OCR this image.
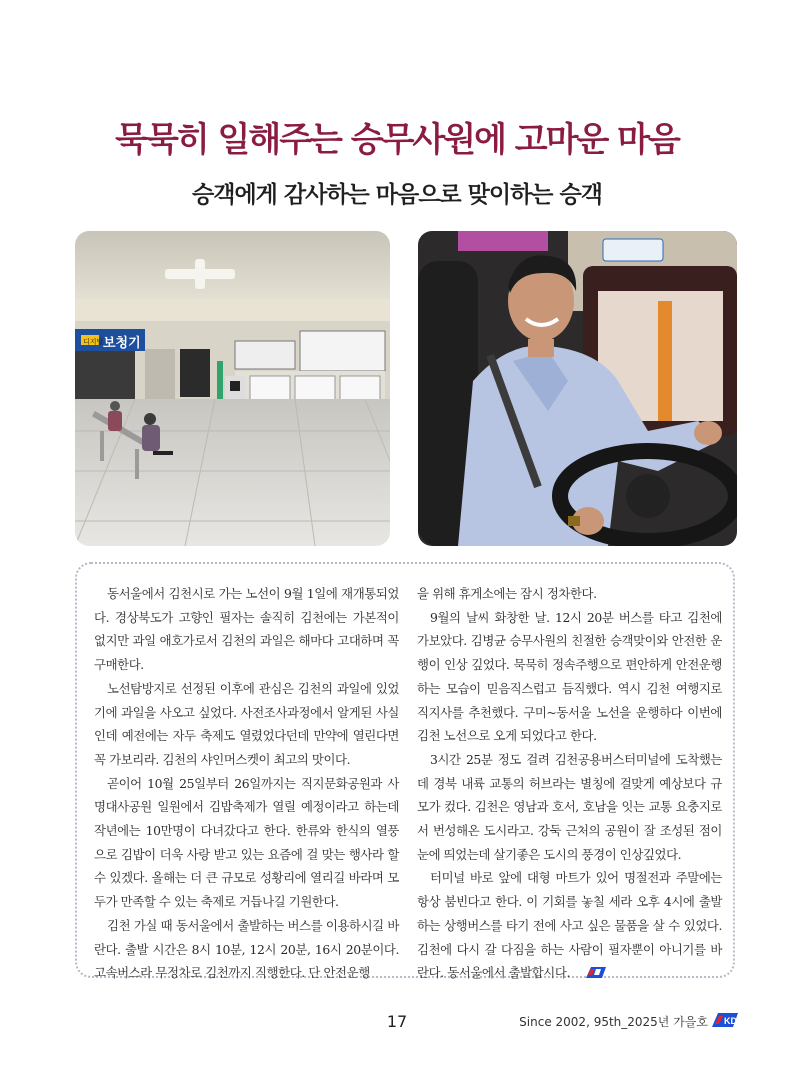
묵묵히 일해주는 승무사원에 고마운 마음
승객에게 감사하는 마음으로 맞이하는 승객
디지털 보청기

동서울에서 김천시로 가는 노선이 9월 1일에 재개통되었다. 경상북도가 고향인 필자는 솔직히 김천에는 가본적이 없지만 과일 애호가로서 김천의 과일은 해마다 고대하며 꼭 구매한다.

노선탐방지로 선정된 이후에 관심은 김천의 과일에 있었기에 과일을 사오고 싶었다. 사전조사과정에서 알게된 사실인데 예전에는 자두 축제도 열렸었다던데 만약에 열린다면 꼭 가보리라. 김천의 샤인머스켓이 최고의 맛이다.

곧이어 10월 25일부터 26일까지는 직지문화공원과 사명대사공원 일원에서 김밥축제가 열릴 예정이라고 하는데 작년에는 10만명이 다녀갔다고 한다. 한류와 한식의 열풍으로 김밥이 더욱 사랑 받고 있는 요즘에 걸 맞는 행사라 할 수 있겠다. 올해는 더 큰 규모로 성황리에 열리길 바라며 모두가 만족할 수 있는 축제로 거듭나길 기원한다.

김천 가실 때 동서울에서 출발하는 버스를 이용하시길 바란다. 출발 시간은 8시 10분, 12시 20분, 16시 20분이다. 고속버스라 무정차로 김천까지 직행한다. 단 안전운행

을 위해 휴게소에는 잠시 정차한다.

9월의 날씨 화창한 날. 12시 20분 버스를 타고 김천에 가보았다. 김병균 승무사원의 친절한 승객맞이와 안전한 운행이 인상 깊었다. 묵묵히 정속주행으로 편안하게 안전운행하는 모습이 믿음직스럽고 듬직했다. 역시 김천 여행지로 직지사를 추천했다. 구미~동서울 노선을 운행하다 이번에 김천 노선으로 오게 되었다고 한다.

3시간 25분 정도 걸려 김천공용버스터미널에 도착했는데 경북 내륙 교통의 허브라는 별칭에 걸맞게 예상보다 규모가 컸다. 김천은 영남과 호서, 호남을 잇는 교통 요충지로서 번성해온 도시라고. 강둑 근처의 공원이 잘 조성된 점이 눈에 띄었는데 살기좋은 도시의 풍경이 인상깊었다.

터미널 바로 앞에 대형 마트가 있어 명절전과 주말에는 항상 붐빈다고 한다. 이 기회를 놓칠 세라 오후 4시에 출발하는 상행버스를 타기 전에 사고 싶은 물품을 살 수 있었다. 김천에 다시 갈 다짐을 하는 사람이 필자뿐이 아니기를 바란다. 동서울에서 출발합시다.

17	Since 2002, 95th_2025년 가을호 KD
